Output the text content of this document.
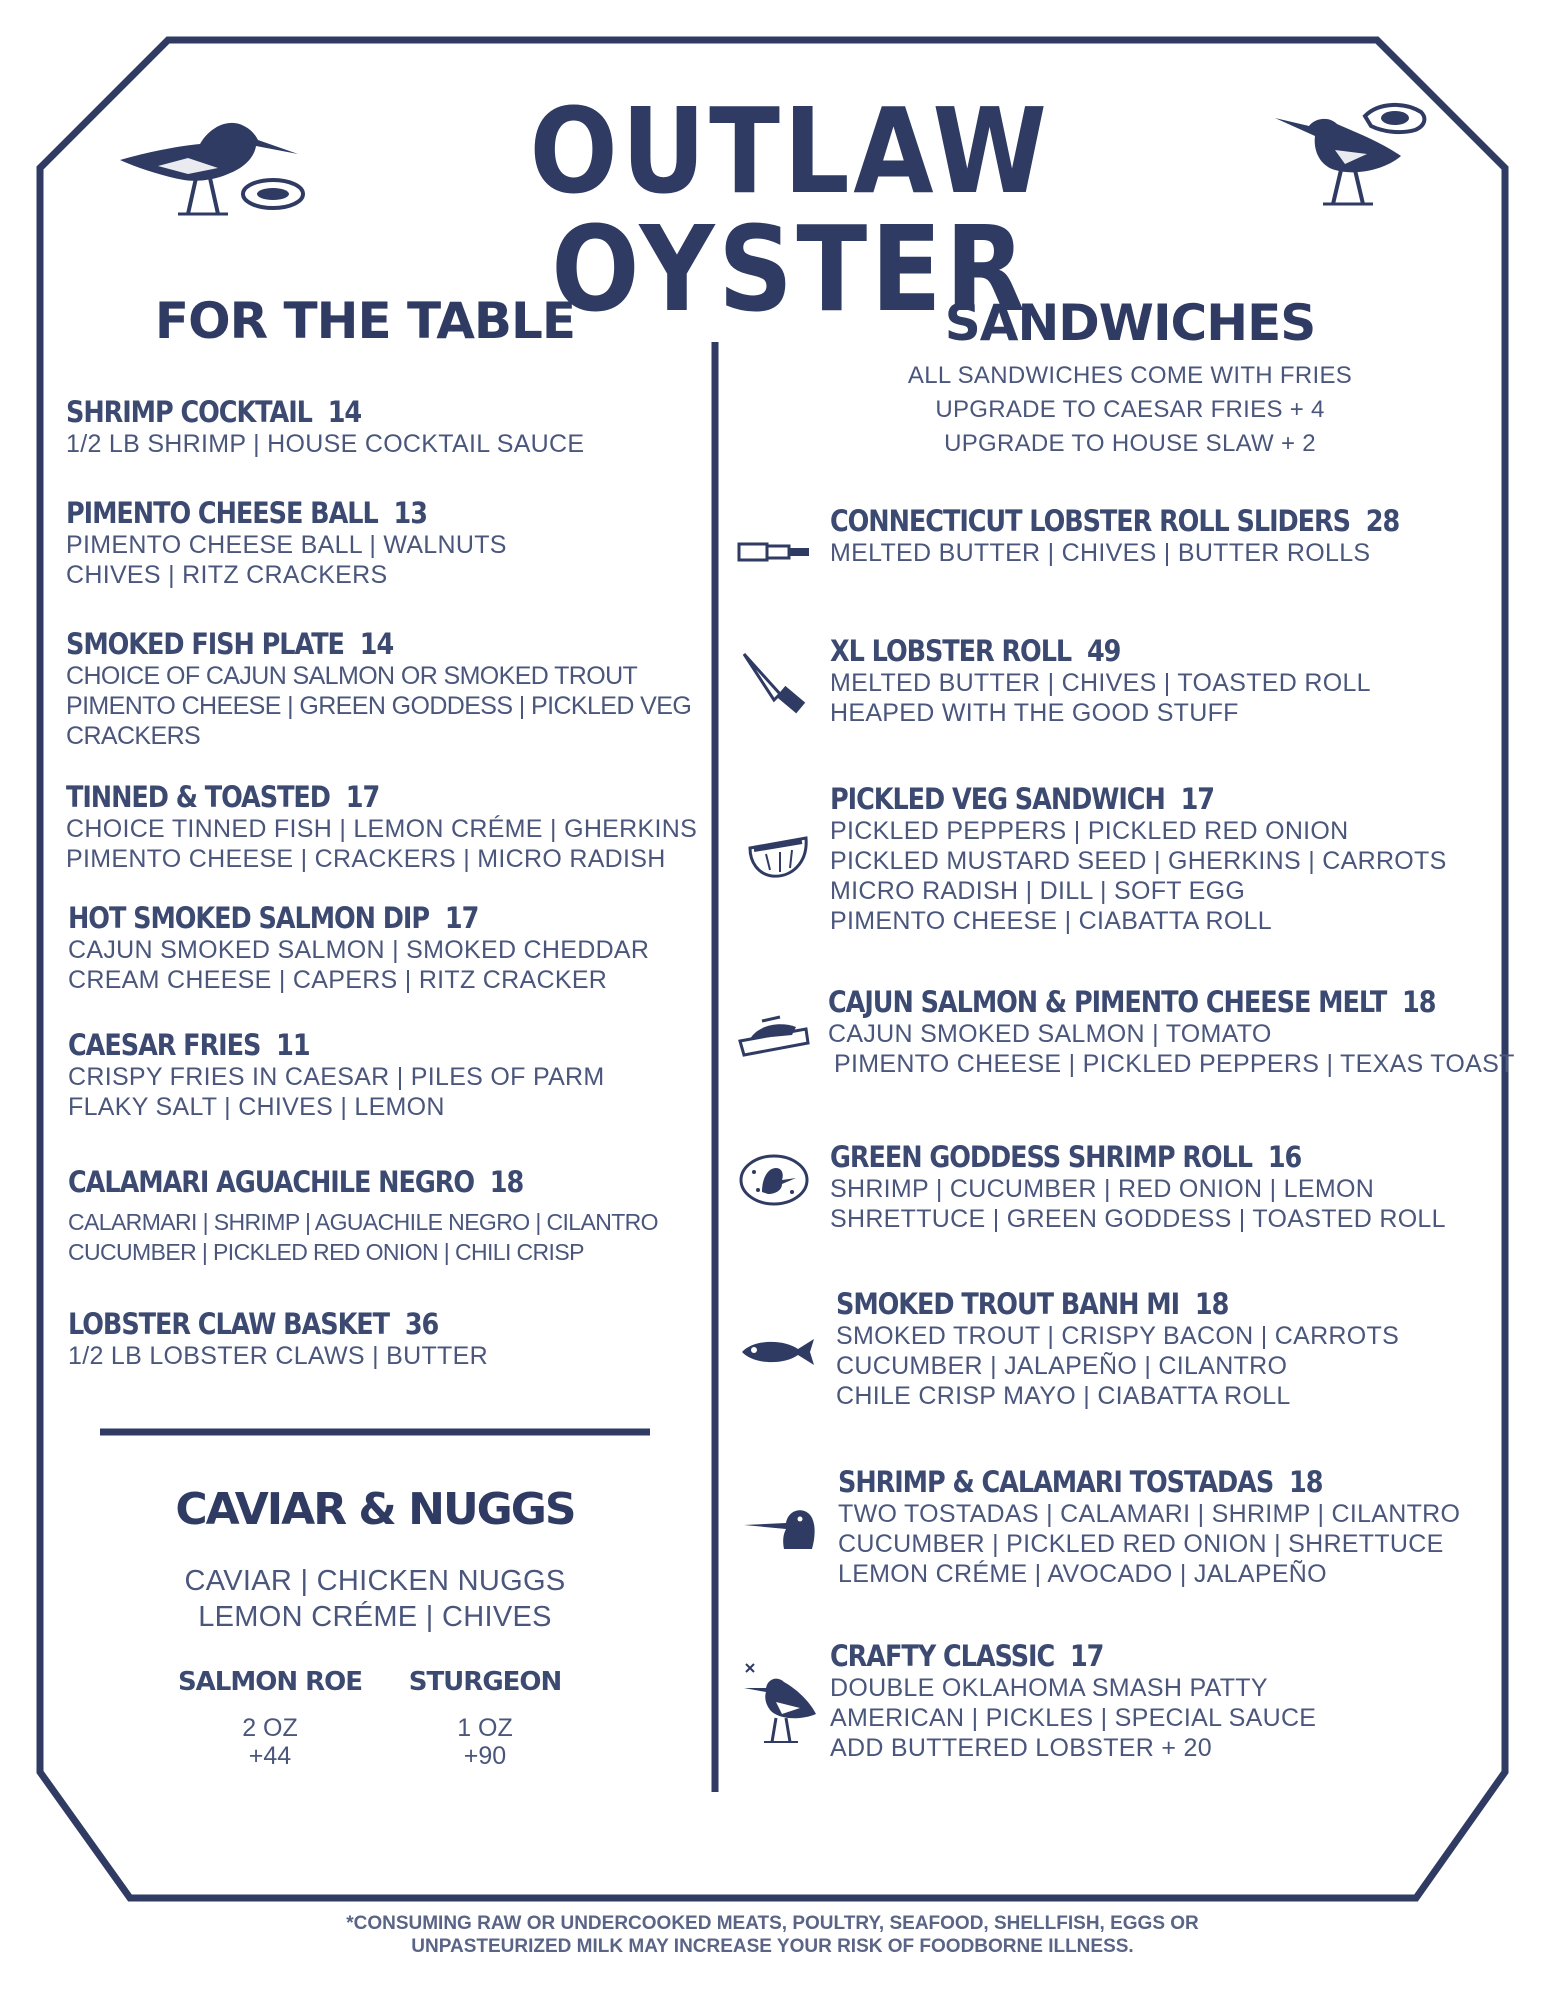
OUTLAW OYSTER
FOR THE TABLE
SHRIMP COCKTAIL 14
1/2 LB SHRIMP | HOUSE COCKTAIL SAUCE
PIMENTO CHEESE BALL 13
PIMENTO CHEESE BALL | WALNUTS
CHIVES | RITZ CRACKERS
SMOKED FISH PLATE 14
CHOICE OF CAJUN SALMON OR SMOKED TROUT
PIMENTO CHEESE | GREEN GODDESS | PICKLED VEG
CRACKERS
TINNED & TOASTED 17
CHOICE TINNED FISH | LEMON CRÉME | GHERKINS
PIMENTO CHEESE | CRACKERS | MICRO RADISH
HOT SMOKED SALMON DIP 17
CAJUN SMOKED SALMON | SMOKED CHEDDAR
CREAM CHEESE | CAPERS | RITZ CRACKER
CAESAR FRIES 11
CRISPY FRIES IN CAESAR | PILES OF PARM
FLAKY SALT | CHIVES | LEMON
CALAMARI AGUACHILE NEGRO 18
CALARMARI | SHRIMP | AGUACHILE NEGRO | CILANTRO
CUCUMBER | PICKLED RED ONION | CHILI CRISP
LOBSTER CLAW BASKET 36
1/2 LB LOBSTER CLAWS | BUTTER
CAVIAR & NUGGS
CAVIAR | CHICKEN NUGGS
LEMON CRÉME | CHIVES
SALMON ROE
2 OZ
+44
STURGEON
1 OZ
+90
SANDWICHES
ALL SANDWICHES COME WITH FRIES
UPGRADE TO CAESAR FRIES + 4
UPGRADE TO HOUSE SLAW + 2
CONNECTICUT LOBSTER ROLL SLIDERS 28
MELTED BUTTER | CHIVES | BUTTER ROLLS
XL LOBSTER ROLL 49
MELTED BUTTER | CHIVES | TOASTED ROLL
HEAPED WITH THE GOOD STUFF
PICKLED VEG SANDWICH 17
PICKLED PEPPERS | PICKLED RED ONION
PICKLED MUSTARD SEED | GHERKINS | CARROTS
MICRO RADISH | DILL | SOFT EGG
PIMENTO CHEESE | CIABATTA ROLL
CAJUN SALMON & PIMENTO CHEESE MELT 18
CAJUN SMOKED SALMON | TOMATO
PIMENTO CHEESE | PICKLED PEPPERS | TEXAS TOAST
GREEN GODDESS SHRIMP ROLL 16
SHRIMP | CUCUMBER | RED ONION | LEMON
SHRETTUCE | GREEN GODDESS | TOASTED ROLL
SMOKED TROUT BANH MI 18
SMOKED TROUT | CRISPY BACON | CARROTS
CUCUMBER | JALAPEÑO | CILANTRO
CHILE CRISP MAYO | CIABATTA ROLL
SHRIMP & CALAMARI TOSTADAS 18
TWO TOSTADAS | CALAMARI | SHRIMP | CILANTRO
CUCUMBER | PICKLED RED ONION | SHRETTUCE
LEMON CRÉME | AVOCADO | JALAPEÑO
CRAFTY CLASSIC 17
DOUBLE OKLAHOMA SMASH PATTY
AMERICAN | PICKLES | SPECIAL SAUCE
ADD BUTTERED LOBSTER + 20
*CONSUMING RAW OR UNDERCOOKED MEATS, POULTRY, SEAFOOD, SHELLFISH, EGGS OR
UNPASTEURIZED MILK MAY INCREASE YOUR RISK OF FOODBORNE ILLNESS.
